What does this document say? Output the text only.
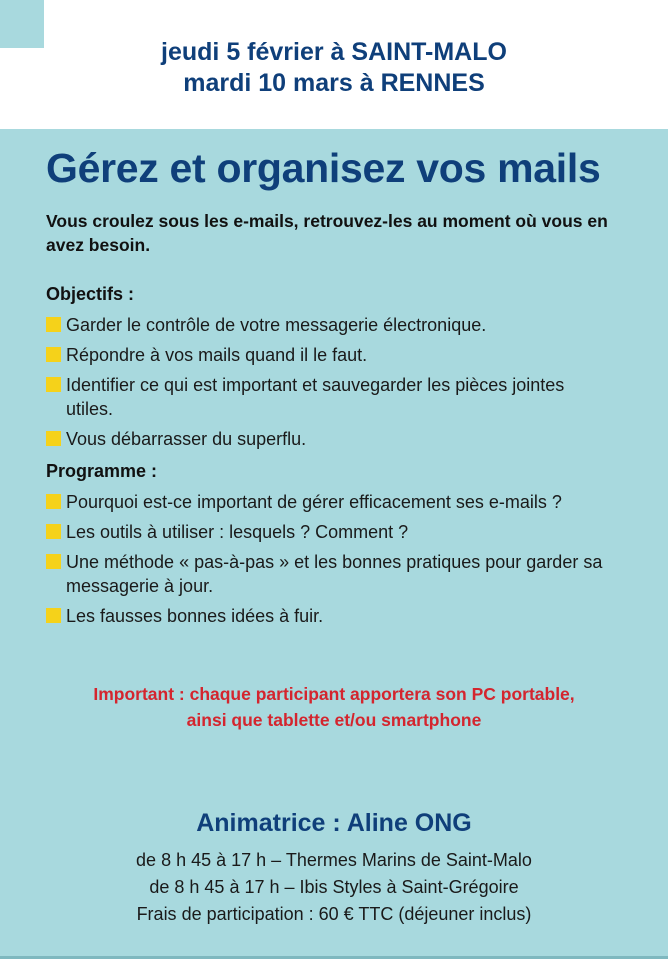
jeudi 5 février à SAINT-MALO
mardi 10 mars à RENNES
Gérez et organisez vos mails

Vous croulez sous les e-mails, retrouvez-les au moment où vous en avez besoin.

Objectifs :
Garder le contrôle de votre messagerie électronique.
Répondre à vos mails quand il le faut.
Identifier ce qui est important et sauvegarder les pièces jointes utiles.
Vous débarrasser du superflu.
Programme :
Pourquoi est-ce important de gérer efficacement ses e-mails ?
Les outils à utiliser : lesquels ? Comment ?
Une méthode « pas-à-pas » et les bonnes pratiques pour garder sa messagerie à jour.
Les fausses bonnes idées à fuir.
Important : chaque participant apportera son PC portable,
ainsi que tablette et/ou smartphone
Animatrice : Aline ONG
de 8 h 45 à 17 h – Thermes Marins de Saint-Malo
de 8 h 45 à 17 h – Ibis Styles à Saint-Grégoire
Frais de participation : 60 € TTC (déjeuner inclus)
